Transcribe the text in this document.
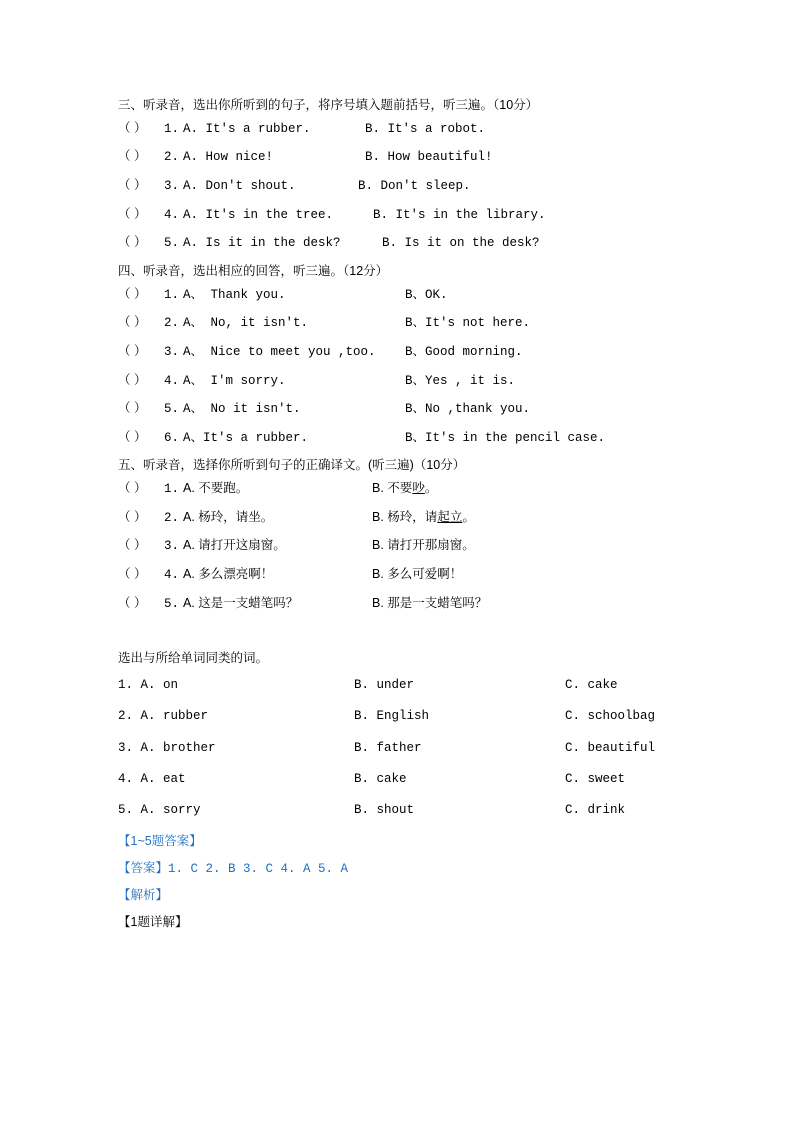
三、听录音，选出你所听到的句子，将序号填入题前括号，听三遍。（10分）

（ ）	1. A. It's a rubber.	B. It's a robot.
（ ）	2. A. How nice!	B. How beautiful!
（ ）	3. A. Don't shout.	B. Don't sleep.
（ ）	4. A. It's in the tree.	B. It's in the library.
（ ）	5. A. Is it in the desk?	B. Is it on the desk?

四、听录音，选出相应的回答，听三遍。（12分）

（ ）	1. A、 Thank you.	B、OK.
（ ）	2. A、 No, it isn't.	B、It's not here.
（ ）	3. A、 Nice to meet you ,too.	B、Good morning.
（ ）	4. A、 I'm sorry.	B、Yes , it is.
（ ）	5. A、 No it isn't.	B、No ,thank you.
（ ）	6. A、It's a rubber.	B、It's in the pencil case.

五、听录音，选择你所听到句子的正确译文。(听三遍)（10分）

（ ）	1. A. 不要跑。	B. 不要吵。
（ ）	2. A. 杨玲，请坐。	B. 杨玲，请起立。
（ ）	3. A. 请打开这扇窗。	B. 请打开那扇窗。
（ ）	4. A. 多么漂亮啊！	B. 多么可爱啊！
（ ）	5. A. 这是一支蜡笔吗？	B. 那是一支蜡笔吗？

选出与所给单词同类的词。

1. A. on	B. under	C. cake
2. A. rubber	B. English	C. schoolbag
3. A. brother	B. father	C. beautiful
4. A. eat	B. cake	C. sweet
5. A. sorry	B. shout	C. drink

【1~5题答案】

【答案】1. C 2. B 3. C 4. A 5. A

【解析】

【1题详解】
